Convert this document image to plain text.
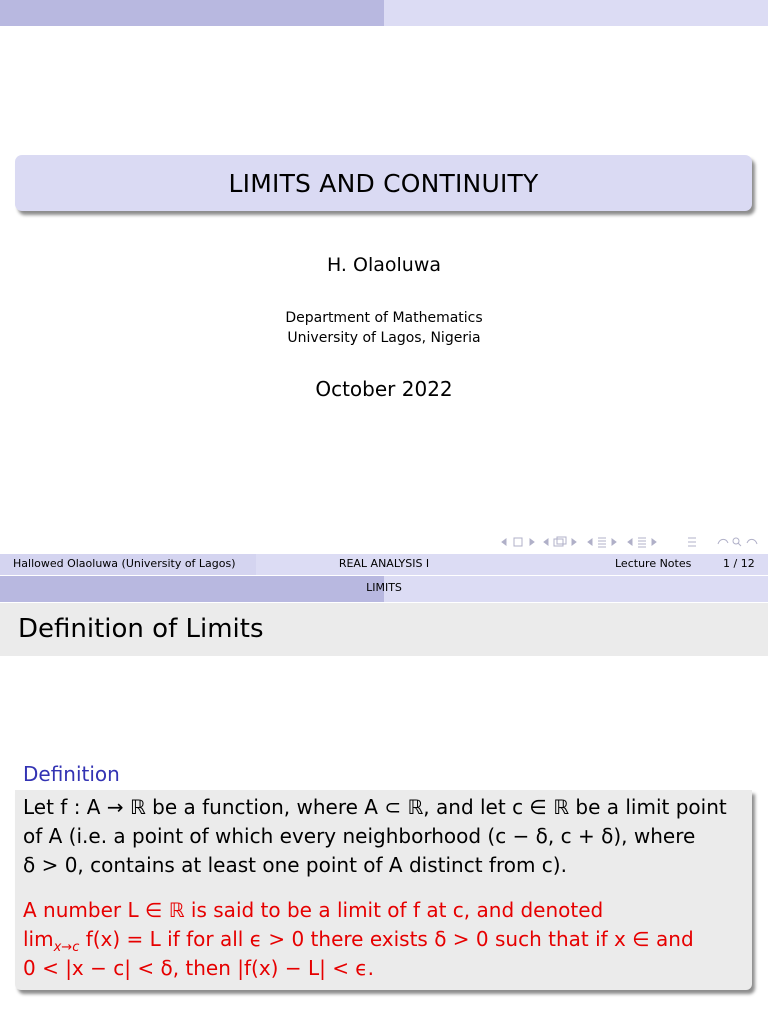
LIMITS AND CONTINUITY
H. Olaoluwa
Department of Mathematics
University of Lagos, Nigeria
October 2022
Hallowed Olaoluwa (University of Lagos)	REAL ANALYSIS I	Lecture Notes	1 / 12
LIMITS
Definition of Limits
Definition
Let f : A → ℝ be a function, where A ⊂ ℝ, and let c ∈ ℝ be a limit point
of A (i.e. a point of which every neighborhood (c − δ, c + δ), where
δ > 0, contains at least one point of A distinct from c).
A number L ∈ ℝ is said to be a limit of f at c, and denoted
$\lim_{x\to c} f(x) = L$ if for all ϵ > 0 there exists δ > 0 such that if x ∈ and
0 < |x − c| < δ, then |f(x) − L| < ϵ.
